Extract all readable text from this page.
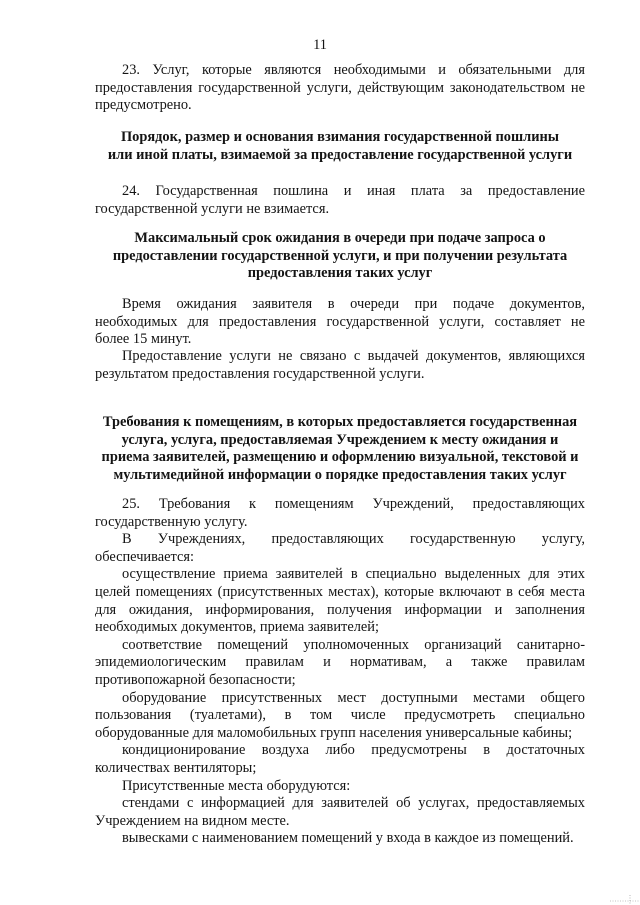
11

23. Услуг, которые являются необходимыми и обязательными для

предоставления государственной услуги, действующим законодательством не

предусмотрено.

Порядок, размер и основания взимания государственной пошлины
или иной платы, взимаемой за предоставление государственной услуги

24. Государственная пошлина и иная плата за предоставление

государственной услуги не взимается.

Максимальный срок ожидания в очереди при подаче запроса о
предоставлении государственной услуги, и при получении результата
предоставления таких услуг

Время ожидания заявителя в очереди при подаче документов,

необходимых для предоставления государственной услуги, составляет не

более 15 минут.

Предоставление услуги не связано с выдачей документов, являющихся

результатом предоставления государственной услуги.

Требования к помещениям, в которых предоставляется государственная
услуга, услуга, предоставляемая Учреждением к месту ожидания и
приема заявителей, размещению и оформлению визуальной, текстовой и
мультимедийной информации о порядке предоставления таких услуг

25. Требования к помещениям Учреждений, предоставляющих

государственную услугу.

В Учреждениях, предоставляющих государственную услугу,

обеспечивается:

осуществление приема заявителей в специально выделенных для этих

целей помещениях (присутственных местах), которые включают в себя места

для ожидания, информирования, получения информации и заполнения

необходимых документов, приема заявителей;

соответствие помещений уполномоченных организаций санитарно-

эпидемиологическим правилам и нормативам, а также правилам

противопожарной безопасности;

оборудование присутственных мест доступными местами общего

пользования (туалетами), в том числе предусмотреть специально

оборудованные для маломобильных групп населения универсальные кабины;

кондиционирование воздуха либо предусмотрены в достаточных

количествах вентиляторы;

Присутственные места оборудуются:

стендами с информацией для заявителей об услугах, предоставляемых

Учреждением на видном месте.

вывесками с наименованием помещений у входа в каждое из помещений.
